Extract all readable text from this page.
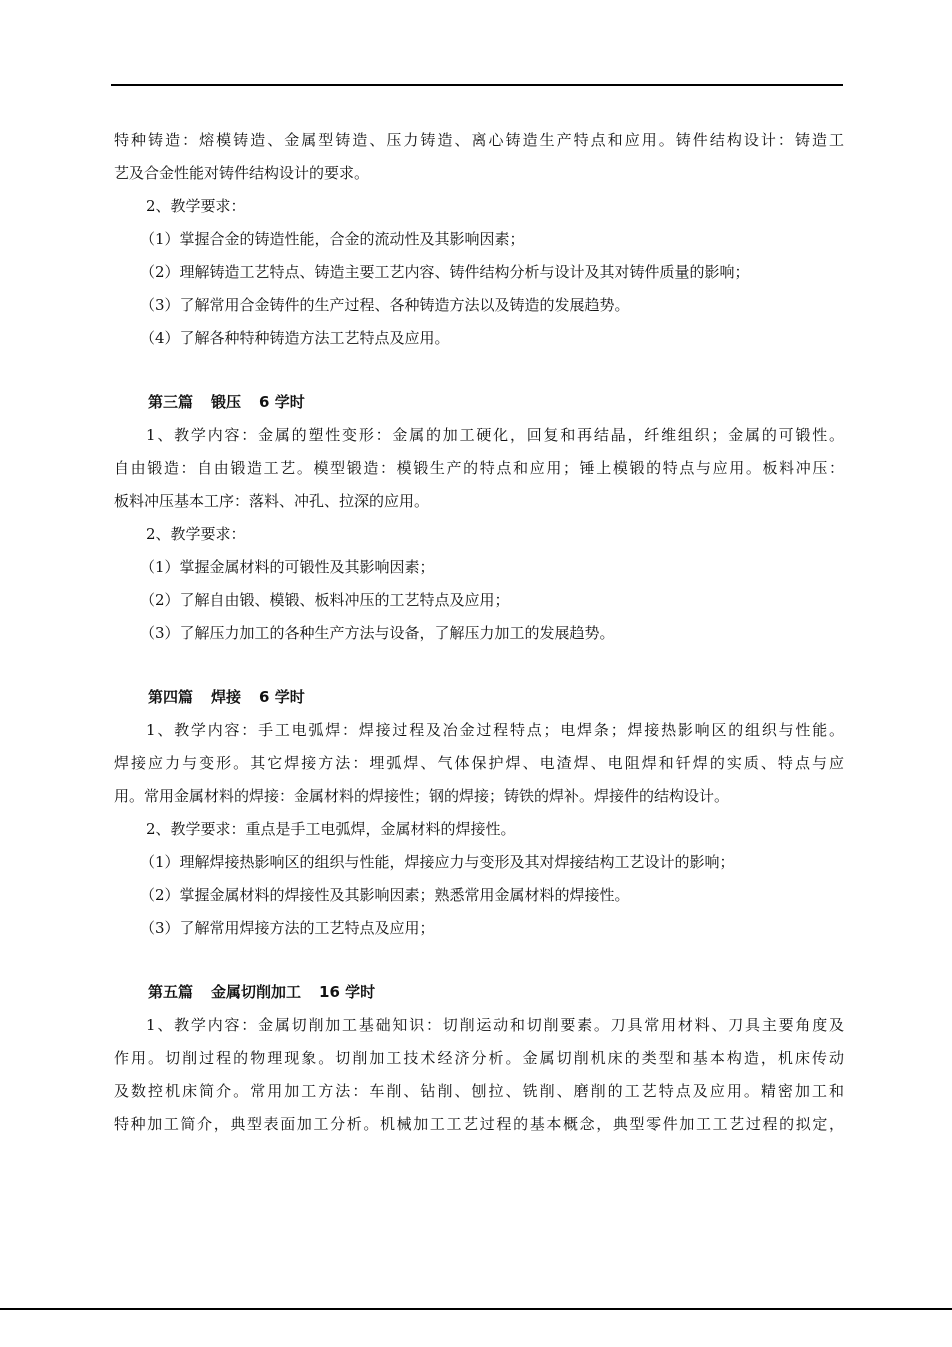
特种铸造：熔模铸造、金属型铸造、压力铸造、离心铸造生产特点和应用。铸件结构设计：铸造工
艺及合金性能对铸件结构设计的要求。
2、教学要求：
（1）掌握合金的铸造性能，合金的流动性及其影响因素；
（2）理解铸造工艺特点、铸造主要工艺内容、铸件结构分析与设计及其对铸件质量的影响；
（3）了解常用合金铸件的生产过程、各种铸造方法以及铸造的发展趋势。
（4）了解各种特种铸造方法工艺特点及应用。
第三篇 锻压 6 学时
1、教学内容：金属的塑性变形：金属的加工硬化，回复和再结晶，纤维组织；金属的可锻性。
自由锻造：自由锻造工艺。模型锻造：模锻生产的特点和应用；锤上模锻的特点与应用。板料冲压：
板料冲压基本工序：落料、冲孔、拉深的应用。
2、教学要求：
（1）掌握金属材料的可锻性及其影响因素；
（2）了解自由锻、模锻、板料冲压的工艺特点及应用；
（3）了解压力加工的各种生产方法与设备，了解压力加工的发展趋势。
第四篇 焊接 6 学时
1、教学内容：手工电弧焊：焊接过程及冶金过程特点；电焊条；焊接热影响区的组织与性能。
焊接应力与变形。其它焊接方法：埋弧焊、气体保护焊、电渣焊、电阻焊和钎焊的实质、特点与应
用。常用金属材料的焊接：金属材料的焊接性；钢的焊接；铸铁的焊补。焊接件的结构设计。
2、教学要求：重点是手工电弧焊，金属材料的焊接性。
（1）理解焊接热影响区的组织与性能，焊接应力与变形及其对焊接结构工艺设计的影响；
（2）掌握金属材料的焊接性及其影响因素；熟悉常用金属材料的焊接性。
（3）了解常用焊接方法的工艺特点及应用；
第五篇 金属切削加工 16 学时
1、教学内容：金属切削加工基础知识：切削运动和切削要素。刀具常用材料、刀具主要角度及
作用。切削过程的物理现象。切削加工技术经济分析。金属切削机床的类型和基本构造，机床传动
及数控机床简介。常用加工方法：车削、钻削、刨拉、铣削、磨削的工艺特点及应用。精密加工和
特种加工简介，典型表面加工分析。机械加工工艺过程的基本概念，典型零件加工工艺过程的拟定，
